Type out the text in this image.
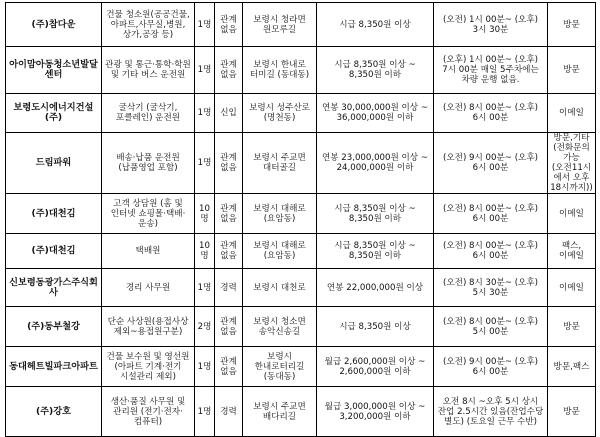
(주)참다운	건물 청소원(공공건물,아파트,사무실,병원,상가,공장 등)	1명	관계없음	보령시 청라면 원모루길	시급 8,350원 이상	(오전) 1시 00분~ (오후) 3시 30분	방문
아이맘아동청소년발달센터	관광 및 통근·통학·학원 및 기타 버스 운전원	1명	관계없음	보령시 한내로 터미길 (동대동)	시급 8,350원 이상 ~ 8,350원 이하	(오후) 1시 00분~ (오후) 7시 00분 매일 5주차에는 차량 운행 없음.	방문
보령도시에너지건설(주)	굴삭기 (굴삭기,포클레인) 운전원	1명	신입	보령시 성주산로 (명천동)	연봉 30,000,000원 이상 ~ 36,000,000원 이하	(오전) 8시 00분~ (오후) 6시 00분	이메일
드림파워	배송·납품 운전원 (납품영업 포함)	1명	관계없음	보령시 주교면 대터골길	연봉 23,000,000원 이상 ~ 24,000,000원 이하	(오전) 9시 00분~ (오후) 6시 00분	방문,기타(전화문의 가능 (오전11시에서 오후 18시까지))
(주)대천김	고객 상담원 (홈 및 인터넷 쇼핑몰·택배·운송)	10명	관계없음	보령시 대해로 (요암동)	시급 8,350원 이상 ~ 8,350원 이하	(오전) 8시 00분~ (오후) 6시 00분	이메일
(주)대천김	택배원	10명	관계없음	보령시 대해로 (요암동)	시급 8,350원 이상 ~ 8,350원 이하	(오전) 8시 00분~ (오후) 6시 00분	팩스,이메일
신보령동광가스주식회사	경리 사무원	1명	경력	보령시 대천로	연봉 22,000,000원 이상	(오전) 8시 30분~ (오후) 5시 30분	이메일
(주)동부철강	단순 사상원(용접사상 제외~용접원구분)	2명	관계없음	보령시 청소면 송악신송길	시급 8,350원 이상	(오전) 8시 00분~ (오후) 5시 00분	방문
동대헤트빌파크아파트	건물 보수원 및 영선원(아파트 기계·전기 시설관리 제외)	1명	관계없음	보령시 한내로터리길 (동대동)	월급 2,600,000원 이상 ~ 2,600,000원 이하	(오전) 9시 00분~ (오후) 6시 00분	방문,팩스
(주)강호	생산·품질 사무원 및 관리원 (전기·전자·컴퓨터)	1명	경력	보령시 주교면 배다리길	월급 3,000,000원 이상 ~ 3,200,000원 이하	오전 8시 ~오후 5시 상시 잔업 2.5시간 있음(잔업수당 별도) (토요일 근무 수반)	방문
